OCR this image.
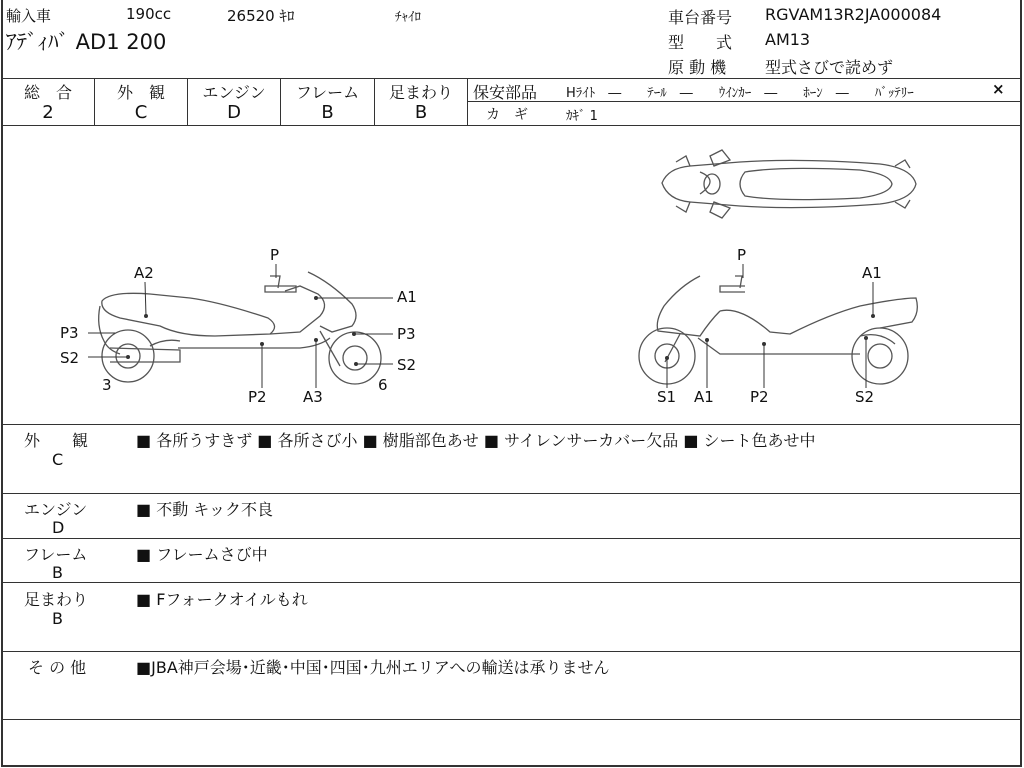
輸入車	190cc	26520 ｷﾛ	ﾁｬｲﾛ
ｱﾃﾞｨﾊﾞ AD1 200
車台番号 RGVAM13R2JA000084
型　　式 AM13
原 動 機 型式さびで読めず
総　合
2
外　観
C
エンジン
D
フレーム
B
足まわり
B
保安部品 Hﾗｲﾄ　―　　ﾃｰﾙ　―　　ｳｲﾝｶｰ　―　　ﾎｰﾝ　―　　ﾊﾞｯﾃﾘｰ	×
カ　ギ	ｶｷﾞ 1
P
A2
A1
P3	P3
S2	S2
3	6
P2 A3
P
A1
S1 A1 P2	S2
外　　観
C
■ 各所うすきず ■ 各所さび小 ■ 樹脂部色あせ ■ サイレンサーカバー欠品 ■ シート色あせ中
エンジン
D
■ 不動 キック不良
フレーム
B
■ フレームさび中
足まわり
B
■ Fフォークオイルもれ
そ の 他	■JBA神戸会場･近畿･中国･四国･九州エリアへの輸送は承りません
